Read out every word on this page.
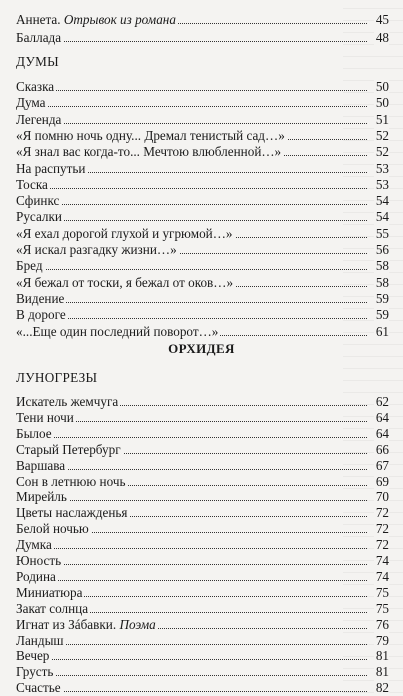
Аннета. Отрывок из романа	45
Баллада	48
ДУМЫ
Сказка	50
Дума	50
Легенда	51
«Я помню ночь одну... Дремал тенистый сад…»	52
«Я знал вас когда-то... Мечтою влюбленной…»	52
На распутьи	53
Тоска	53
Сфинкс	54
Русалки	54
«Я ехал дорогой глухой и угрюмой…»	55
«Я искал разгадку жизни…»	56
Бред	58
«Я бежал от тоски, я бежал от оков…»	58
Видение	59
В дороге	59
«...Еще один последний поворот…»	61
ОРХИДЕЯ
ЛУНОГРЕЗЫ
Искатель жемчуга	62
Тени ночи	64
Былое	64
Старый Петербург	66
Варшава	67
Сон в летнюю ночь	69
Мирейль	70
Цветы наслажденья	72
Белой ночью	72
Думка	72
Юность	74
Родина	74
Миниатюра	75
Закат солнца	75
Игнат из Зáбавки. Поэма	76
Ландыш	79
Вечер	81
Грусть	81
Счастье	82
